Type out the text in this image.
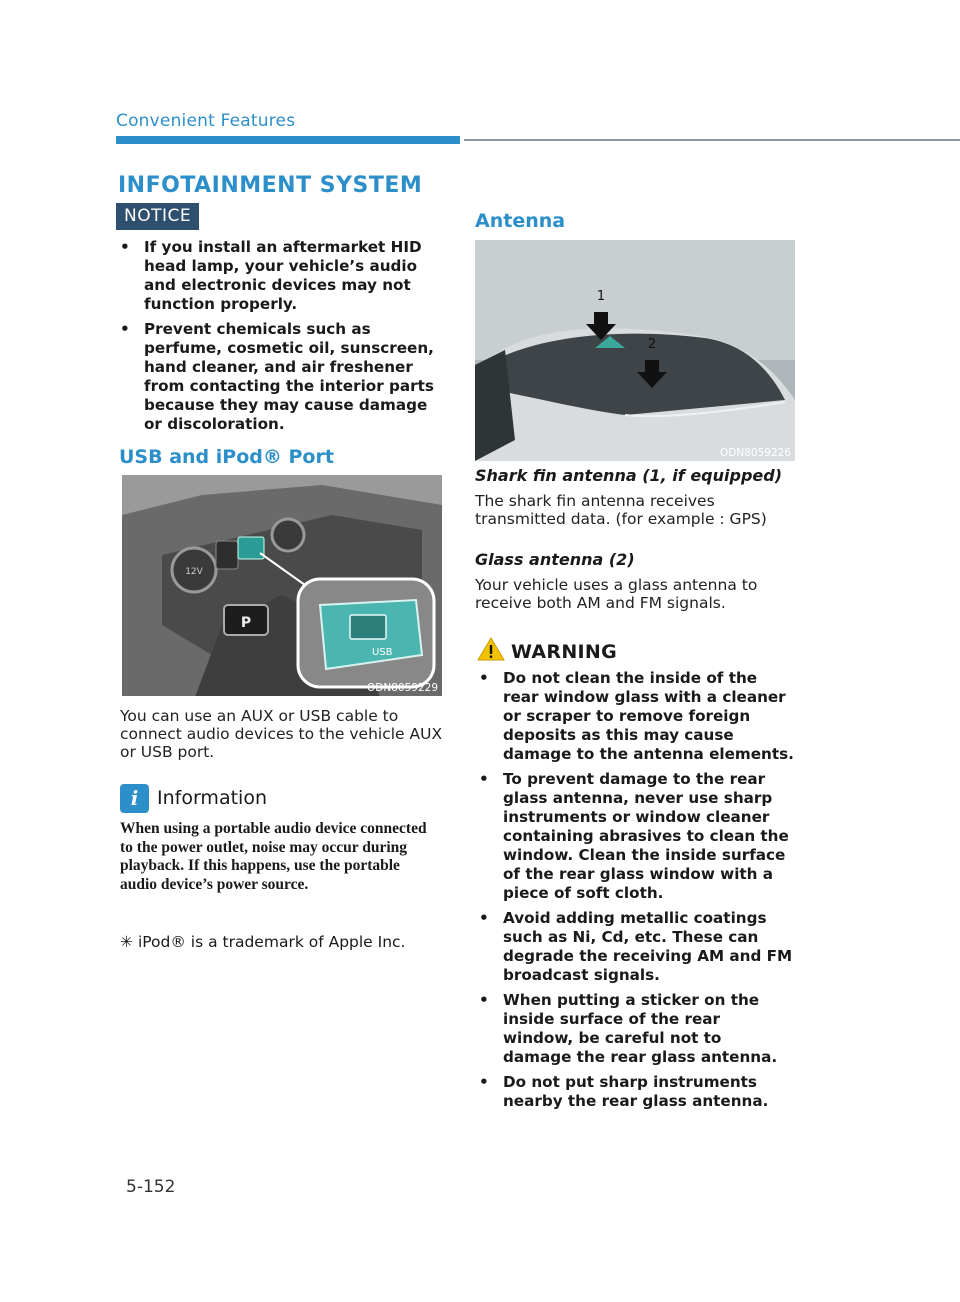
Convenient Features
INFOTAINMENT SYSTEM
NOTICE
• If you install an aftermarket HID head lamp, your vehicle’s audio and electronic devices may not function properly.
• Prevent chemicals such as perfume, cosmetic oil, sunscreen, hand cleaner, and air freshener from contacting the interior parts because they may cause damage or discoloration.
USB and iPod® Port
12V
P
USB
ODN8059229
You can use an AUX or USB cable to connect audio devices to the vehicle AUX or USB port.
i Information
When using a portable audio device connected to the power outlet, noise may occur during playback. If this happens, use the portable audio device’s power source.
✳ iPod® is a trademark of Apple Inc.
Antenna
1
2
ODN8059226
Shark fin antenna (1, if equipped)
The shark fin antenna receives transmitted data. (for example : GPS)
Glass antenna (2)
Your vehicle uses a glass antenna to receive both AM and FM signals.
WARNING
• Do not clean the inside of the rear window glass with a cleaner or scraper to remove foreign deposits as this may cause damage to the antenna elements.
• To prevent damage to the rear glass antenna, never use sharp instruments or window cleaner containing abrasives to clean the window. Clean the inside surface of the rear glass window with a piece of soft cloth.
• Avoid adding metallic coatings such as Ni, Cd, etc. These can degrade the receiving AM and FM broadcast signals.
• When putting a sticker on the inside surface of the rear window, be careful not to damage the rear glass antenna.
• Do not put sharp instruments nearby the rear glass antenna.
5-152
